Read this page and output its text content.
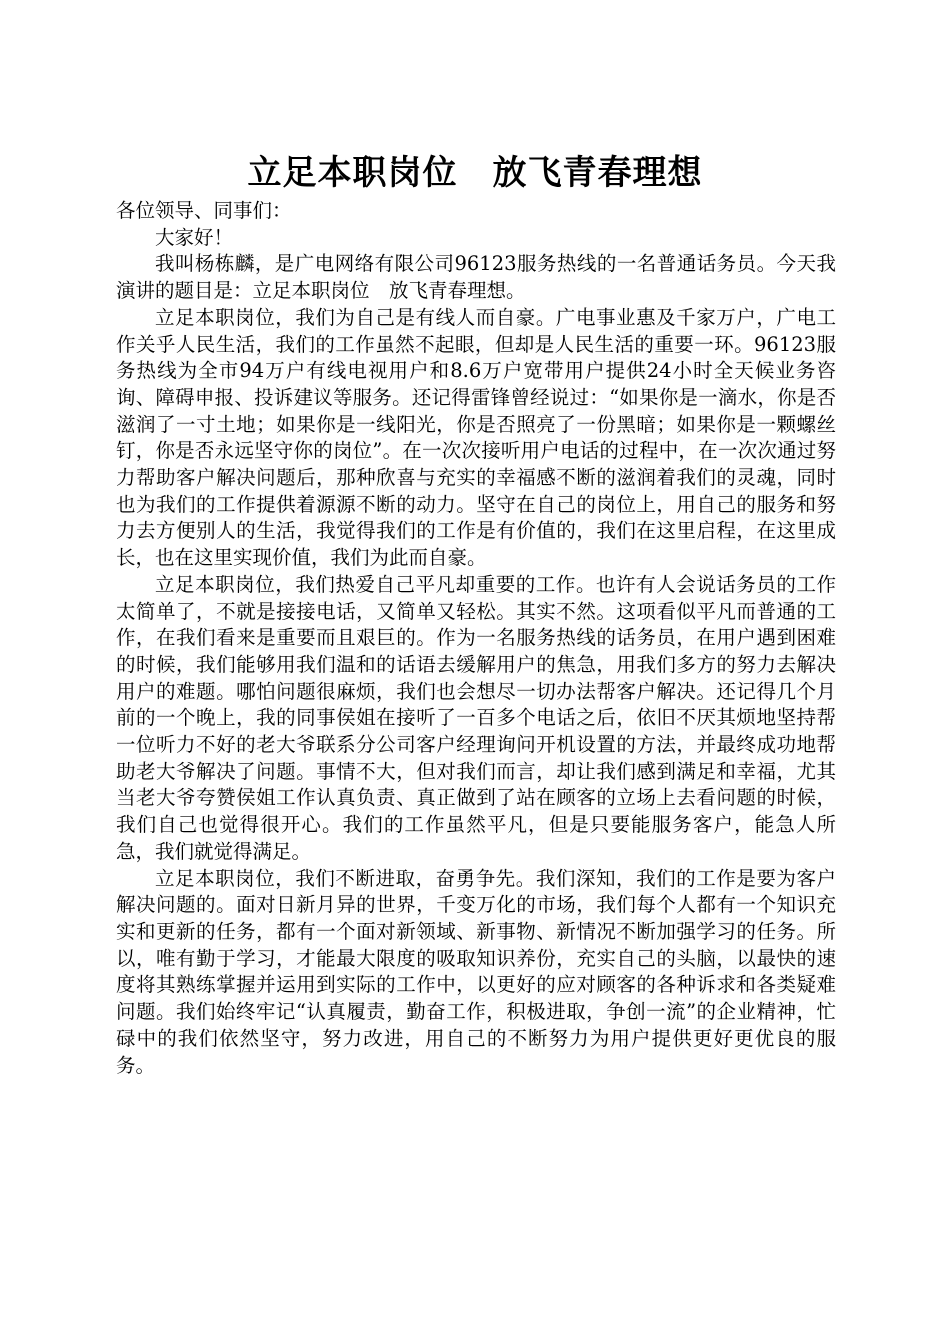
立足本职岗位　放飞青春理想

各位领导、同事们：

大家好！

我叫杨栋麟，是广电网络有限公司96123服务热线的一名普通话务员。今天我演讲的题目是：立足本职岗位　放飞青春理想。

立足本职岗位，我们为自己是有线人而自豪。广电事业惠及千家万户，广电工作关乎人民生活，我们的工作虽然不起眼，但却是人民生活的重要一环。96123服务热线为全市94万户有线电视用户和8.6万户宽带用户提供24小时全天候业务咨询、障碍申报、投诉建议等服务。还记得雷锋曾经说过：“如果你是一滴水，你是否滋润了一寸土地；如果你是一线阳光，你是否照亮了一份黑暗；如果你是一颗螺丝钉，你是否永远坚守你的岗位”。在一次次接听用户电话的过程中，在一次次通过努力帮助客户解决问题后，那种欣喜与充实的幸福感不断的滋润着我们的灵魂，同时也为我们的工作提供着源源不断的动力。坚守在自己的岗位上，用自己的服务和努力去方便别人的生活，我觉得我们的工作是有价值的，我们在这里启程，在这里成长，也在这里实现价值，我们为此而自豪。

立足本职岗位，我们热爱自己平凡却重要的工作。也许有人会说话务员的工作太简单了，不就是接接电话，又简单又轻松。其实不然。这项看似平凡而普通的工作，在我们看来是重要而且艰巨的。作为一名服务热线的话务员，在用户遇到困难的时候，我们能够用我们温和的话语去缓解用户的焦急，用我们多方的努力去解决用户的难题。哪怕问题很麻烦，我们也会想尽一切办法帮客户解决。还记得几个月前的一个晚上，我的同事侯姐在接听了一百多个电话之后，依旧不厌其烦地坚持帮一位听力不好的老大爷联系分公司客户经理询问开机设置的方法，并最终成功地帮助老大爷解决了问题。事情不大，但对我们而言，却让我们感到满足和幸福，尤其当老大爷夸赞侯姐工作认真负责、真正做到了站在顾客的立场上去看问题的时候，我们自己也觉得很开心。我们的工作虽然平凡，但是只要能服务客户，能急人所急，我们就觉得满足。

立足本职岗位，我们不断进取，奋勇争先。我们深知，我们的工作是要为客户解决问题的。面对日新月异的世界，千变万化的市场，我们每个人都有一个知识充实和更新的任务，都有一个面对新领域、新事物、新情况不断加强学习的任务。所以，唯有勤于学习，才能最大限度的吸取知识养份，充实自己的头脑，以最快的速度将其熟练掌握并运用到实际的工作中，以更好的应对顾客的各种诉求和各类疑难问题。我们始终牢记“认真履责，勤奋工作，积极进取，争创一流”的企业精神，忙碌中的我们依然坚守，努力改进，用自己的不断努力为用户提供更好更优良的服务。
